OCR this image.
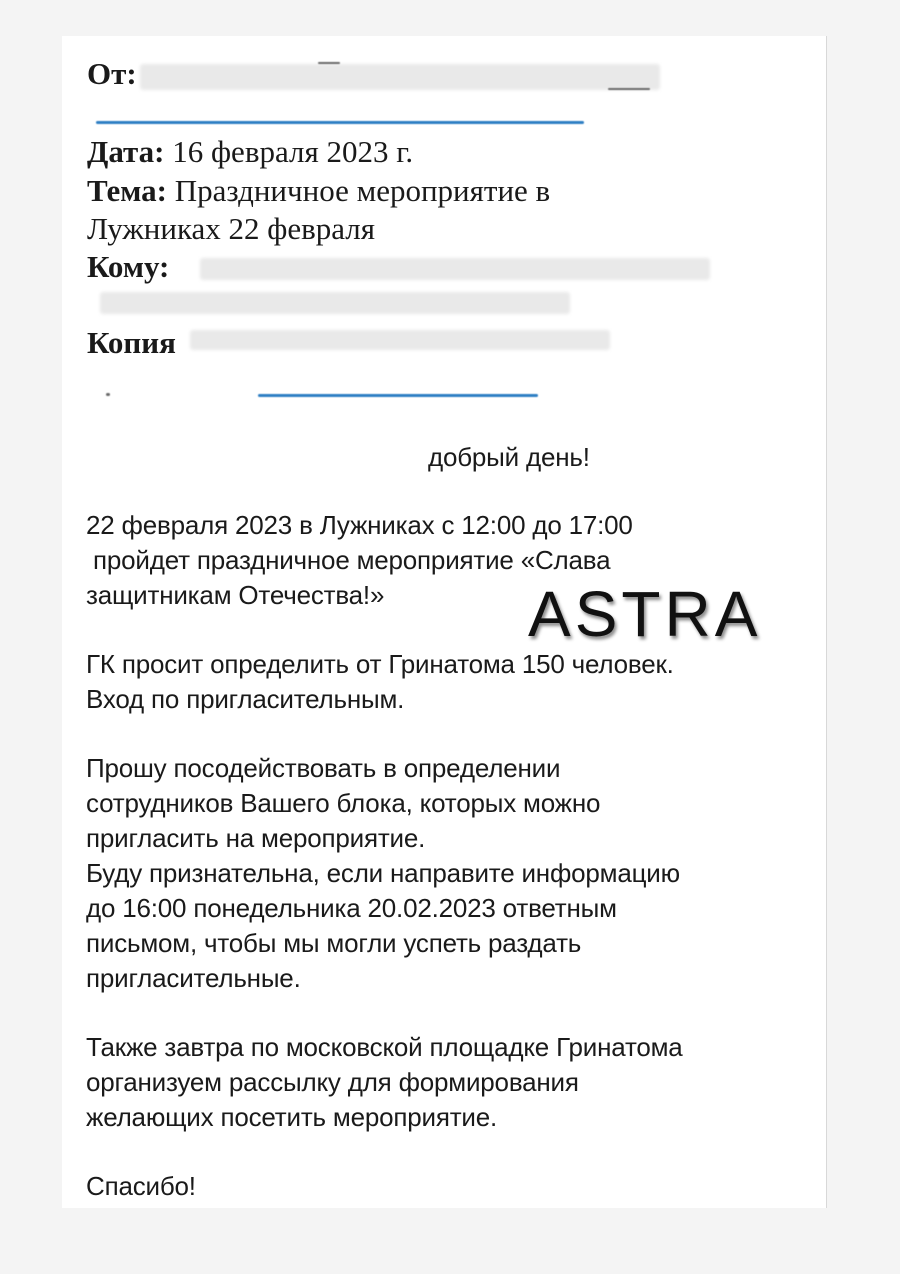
От:
Дата: 16 февраля 2023 г.
Тема: Праздничное мероприятие в
Лужниках 22 февраля
Кому:
Копия
добрый день!
22 февраля 2023 в Лужниках с 12:00 до 17:00
пройдет праздничное мероприятие «Слава
защитникам Отечества!»
ГК просит определить от Гринатома 150 человек.
Вход по пригласительным.
Прошу посодействовать в определении
сотрудников Вашего блока, которых можно
пригласить на мероприятие.
Буду признательна, если направите информацию
до 16:00 понедельника 20.02.2023 ответным
письмом, чтобы мы могли успеть раздать
пригласительные.
Также завтра по московской площадке Гринатома
организуем рассылку для формирования
желающих посетить мероприятие.
Спасибо!
ASTRA
